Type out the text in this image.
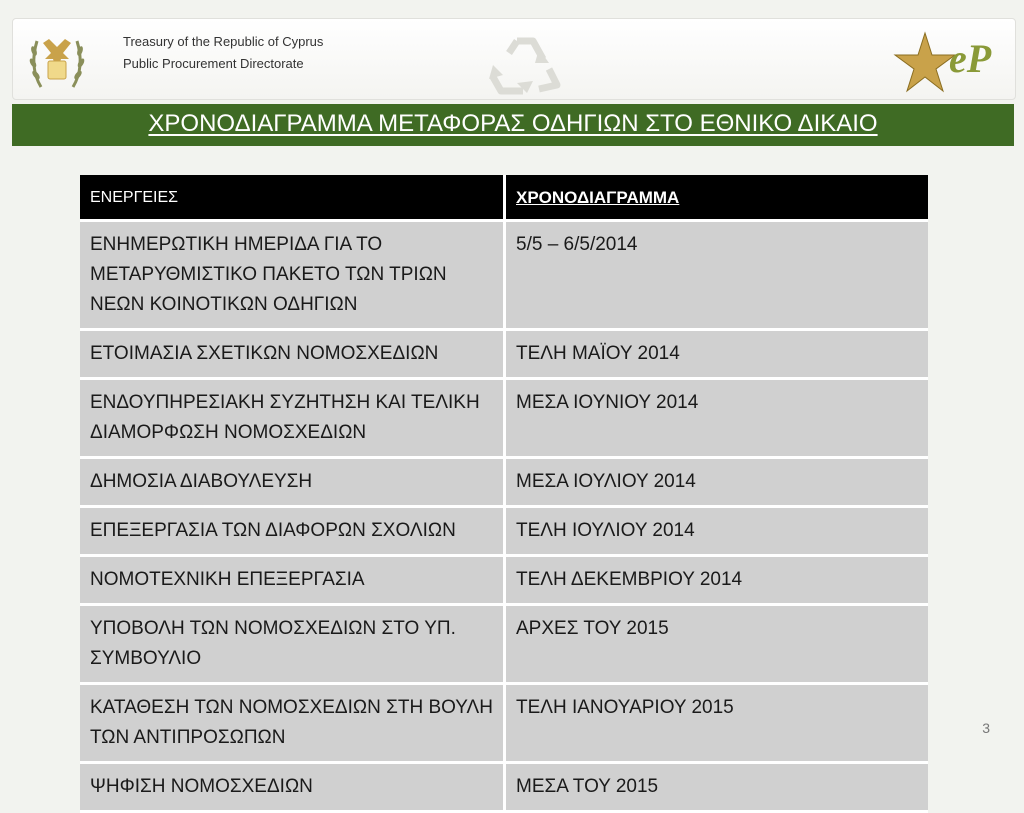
Treasury of the Republic of Cyprus
Public Procurement Directorate	eP
ΧΡΟΝΟΔΙΑΓΡΑΜΜΑ ΜΕΤΑΦΟΡΑΣ ΟΔΗΓΙΩΝ ΣΤΟ ΕΘΝΙΚΟ ΔΙΚΑΙΟ
ΕΝΕΡΓΕΙΕΣ	ΧΡΟΝΟΔΙΑΓΡΑΜΜΑ
ΕΝΗΜΕΡΩΤΙΚΗ ΗΜΕΡΙΔΑ ΓΙΑ ΤΟ ΜΕΤΑΡΥΘΜΙΣΤΙΚΟ ΠΑΚΕΤΟ ΤΩΝ ΤΡΙΩΝ ΝΕΩΝ ΚΟΙΝΟΤΙΚΩΝ ΟΔΗΓΙΩΝ	5/5 – 6/5/2014
ΕΤΟΙΜΑΣΙΑ ΣΧΕΤΙΚΩΝ ΝΟΜΟΣΧΕΔΙΩΝ	ΤΕΛΗ ΜΑΪΟΥ 2014
ΕΝΔΟΥΠΗΡΕΣΙΑΚΗ ΣΥΖΗΤΗΣΗ ΚΑΙ ΤΕΛΙΚΗ ΔΙΑΜΟΡΦΩΣΗ ΝΟΜΟΣΧΕΔΙΩΝ	ΜΕΣΑ ΙΟΥΝΙΟΥ 2014
ΔΗΜΟΣΙΑ ΔΙΑΒΟΥΛΕΥΣΗ	ΜΕΣΑ ΙΟΥΛΙΟΥ 2014
ΕΠΕΞΕΡΓΑΣΙΑ ΤΩΝ ΔΙΑΦΟΡΩΝ ΣΧΟΛΙΩΝ	ΤΕΛΗ ΙΟΥΛΙΟΥ 2014
ΝΟΜΟΤΕΧΝΙΚΗ ΕΠΕΞΕΡΓΑΣΙΑ	ΤΕΛΗ ΔΕΚΕΜΒΡΙΟΥ 2014
ΥΠΟΒΟΛΗ ΤΩΝ ΝΟΜΟΣΧΕΔΙΩΝ ΣΤΟ ΥΠ. ΣΥΜΒΟΥΛΙΟ	ΑΡΧΕΣ ΤΟΥ 2015
ΚΑΤΑΘΕΣΗ ΤΩΝ ΝΟΜΟΣΧΕΔΙΩΝ ΣΤΗ ΒΟΥΛΗ ΤΩΝ ΑΝΤΙΠΡΟΣΩΠΩΝ	ΤΕΛΗ ΙΑΝΟΥΑΡΙΟΥ 2015
ΨΗΦΙΣΗ ΝΟΜΟΣΧΕΔΙΩΝ	ΜΕΣΑ ΤΟΥ 2015
3
